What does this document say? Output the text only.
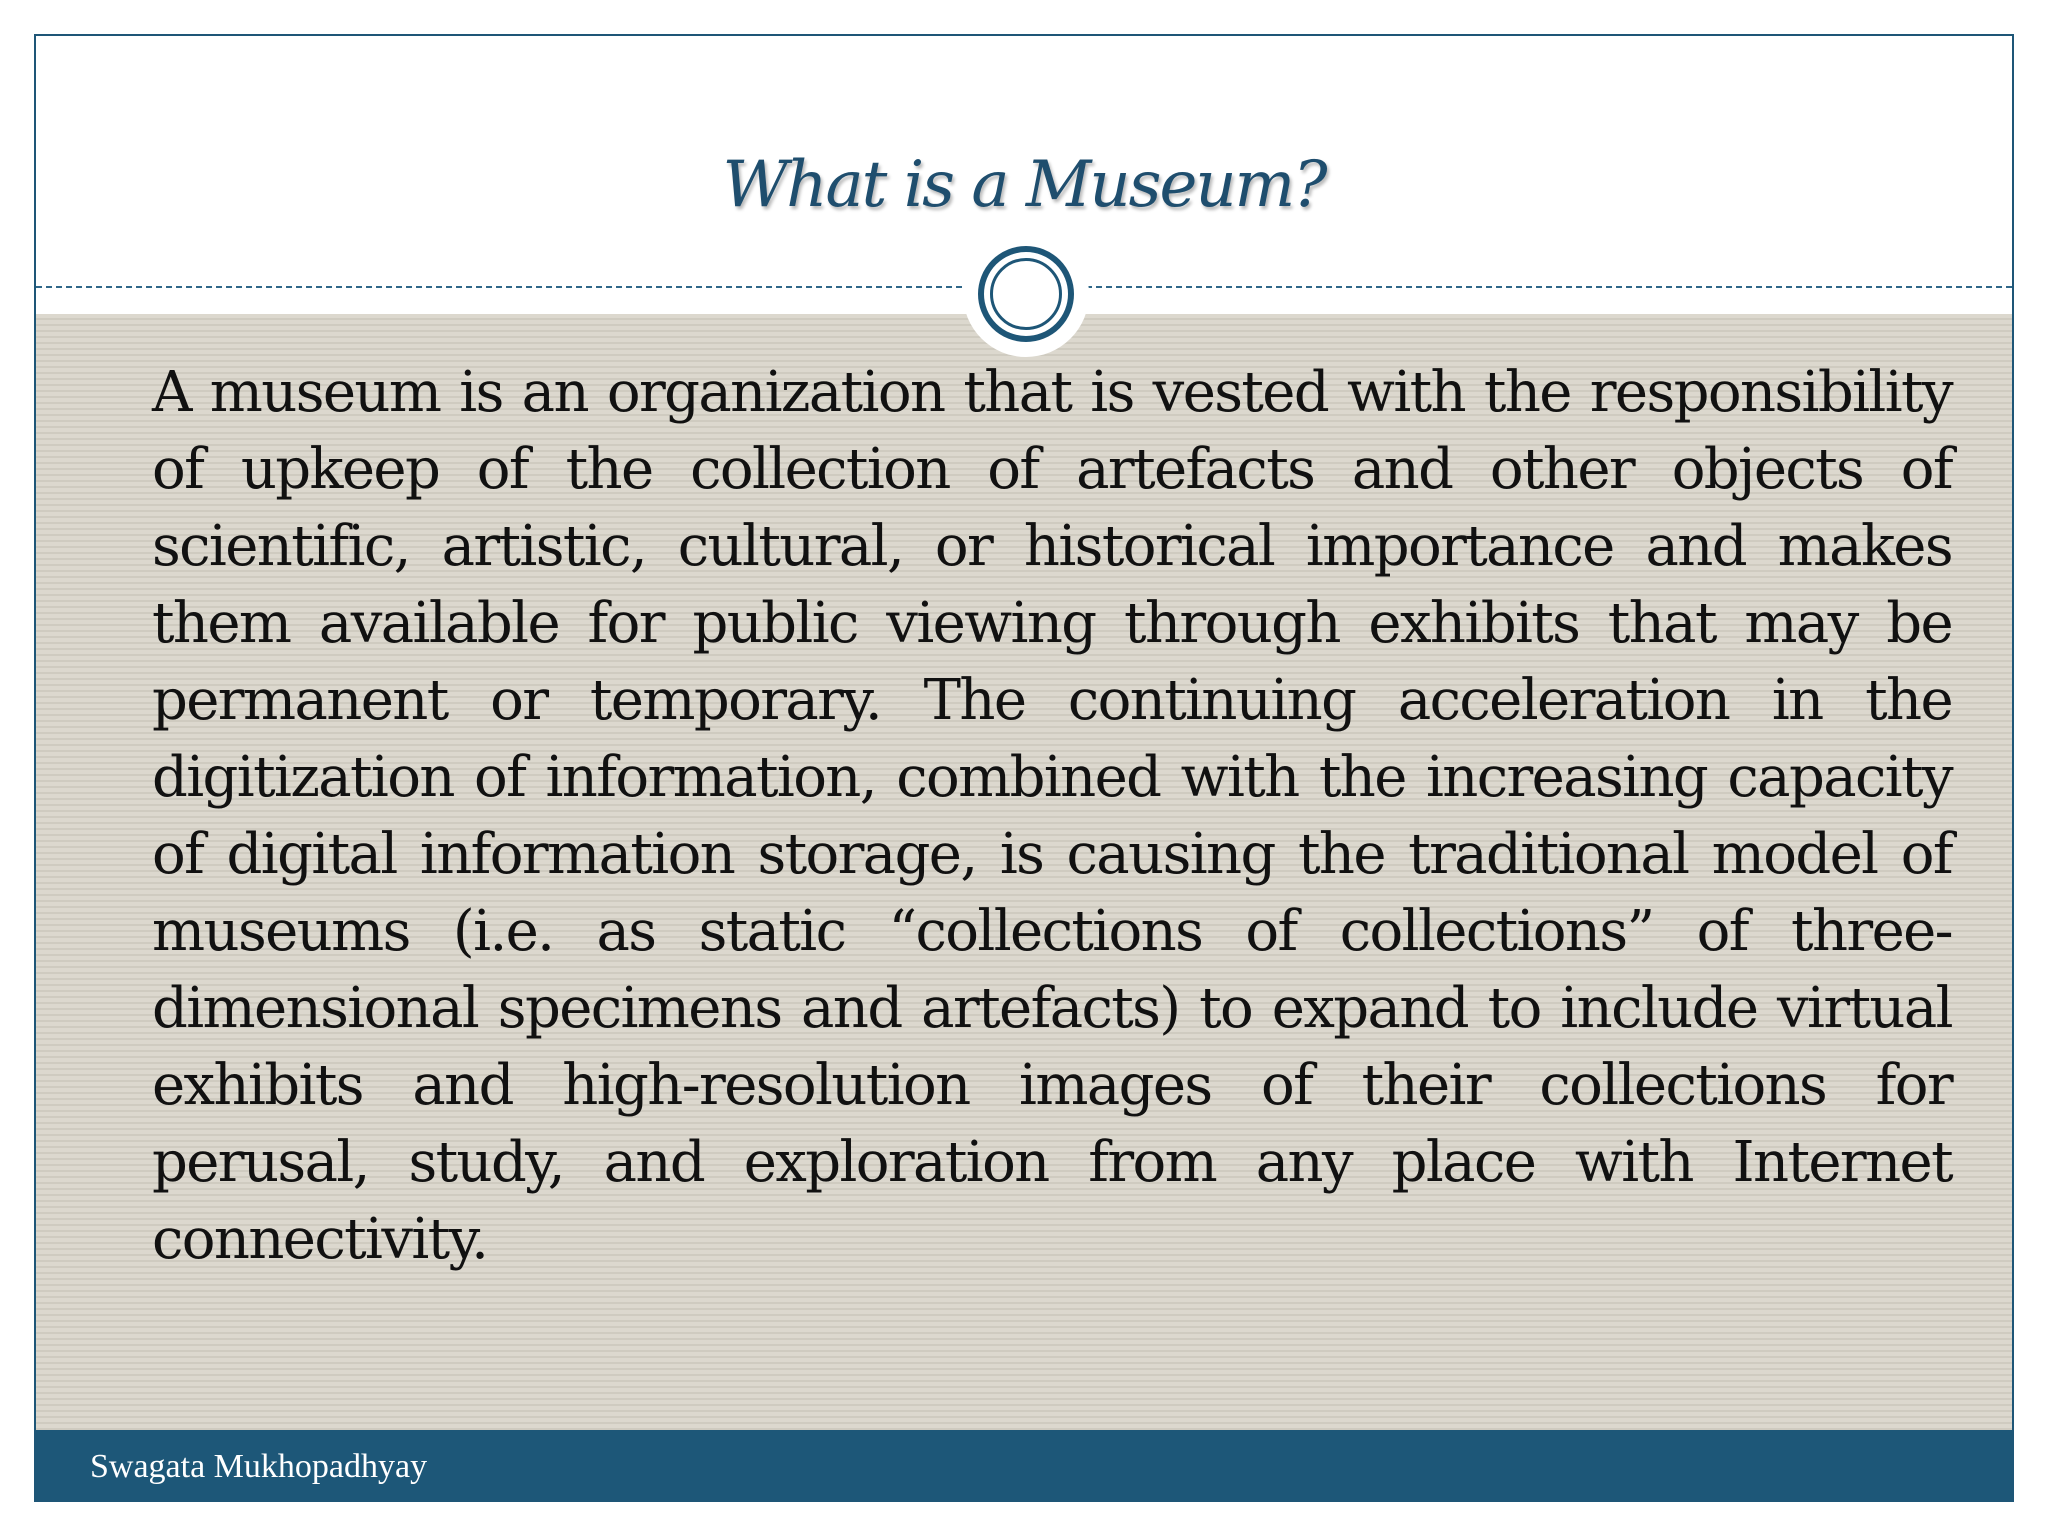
What is a Museum?

A museum is an organization that is vested with the responsibility of upkeep of the collection of artefacts and other objects of scientific, artistic, cultural, or historical importance and makes them available for public viewing through exhibits that may be permanent or temporary. The continuing acceleration in the digitization of information, combined with the increasing capacity of digital information storage, is causing the traditional model of museums (i.e. as static “collections of collections” of three-dimensional specimens and artefacts) to expand to include virtual exhibits and high-resolution images of their collections for perusal, study, and exploration from any place with Internet connectivity.

Swagata Mukhopadhyay
